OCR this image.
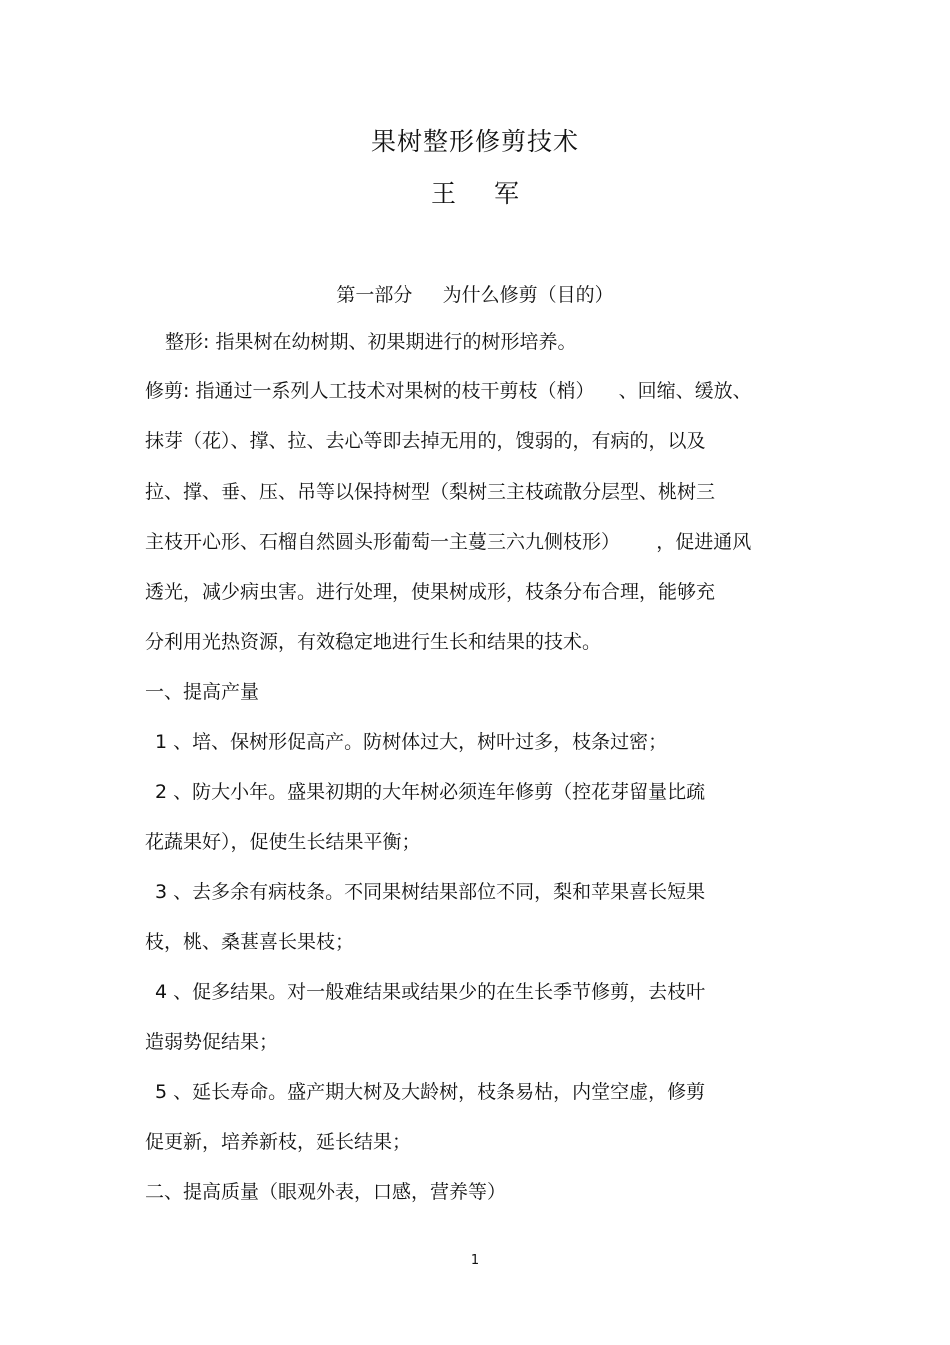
果树整形修剪技术
王 军
第一部分     为什么修剪（目的）
整形: 指果树在幼树期、初果期进行的树形培养。
修剪: 指通过一系列人工技术对果树的枝干剪枝（梢）    、回缩、缓放、
抹芽（花）、撑、拉、去心等即去掉无用的，馊弱的，有病的，以及
拉、撑、垂、压、吊等以保持树型（梨树三主枝疏散分层型、桃树三
主枝开心形、石榴自然圆头形葡萄一主蔓三六九侧枝形）      ，促进通风
透光，减少病虫害。进行处理，使果树成形，枝条分布合理，能够充
分利用光热资源，有效稳定地进行生长和结果的技术。
一、提高产量
1 、培、保树形促高产。防树体过大，树叶过多，枝条过密；
2 、防大小年。盛果初期的大年树必须连年修剪（控花芽留量比疏
花蔬果好），促使生长结果平衡；
3 、去多余有病枝条。不同果树结果部位不同，梨和苹果喜长短果
枝，桃、桑葚喜长果枝；
4 、促多结果。对一般难结果或结果少的在生长季节修剪，去枝叶
造弱势促结果；
5 、延长寿命。盛产期大树及大龄树，枝条易枯，内堂空虚，修剪
促更新，培养新枝，延长结果；
二、提高质量（眼观外表，口感，营养等）
1
